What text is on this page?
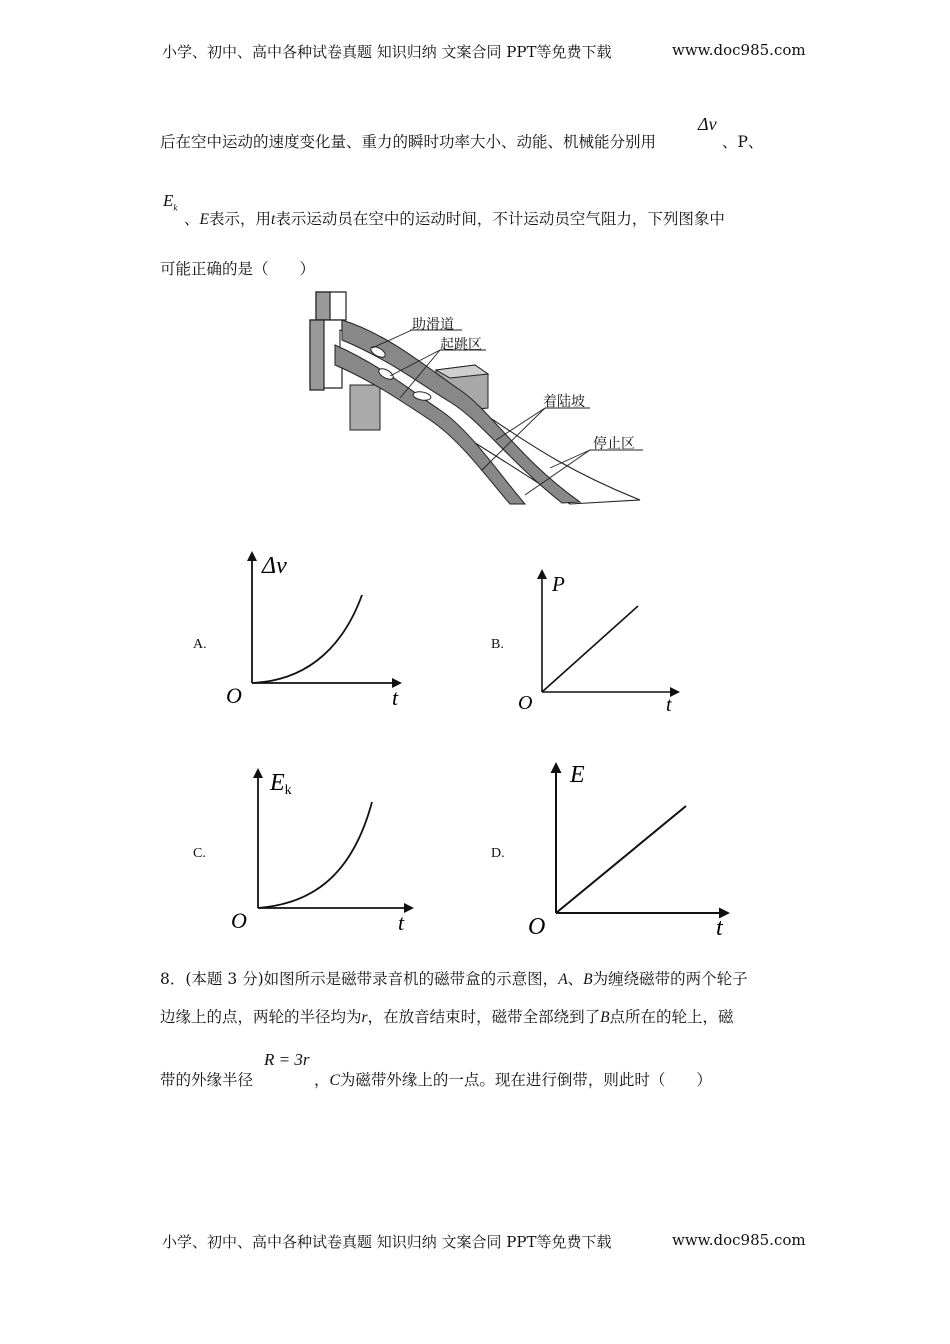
小学、初中、高中各种试卷真题 知识归纳 文案合同 PPT等免费下载	www.doc985.com
后在空中运动的速度变化量、重力的瞬时功率大小、动能、机械能分别用
Δv
、P、
$E_k$
、E表示，用t表示运动员在空中的运动时间，不计运动员空气阻力，下列图象中
可能正确的是（　　）
助滑道
起跳区
着陆坡
停止区
A.
Δv
t
O
B.
P
t
O
C.
Ek
t
O
D.
E
t
O
8．(本题 3 分)如图所示是磁带录音机的磁带盒的示意图，A、B为缠绕磁带的两个轮子
边缘上的点，两轮的半径均为r，在放音结束时，磁带全部绕到了B点所在的轮上，磁
带的外缘半径
R = 3r
，C为磁带外缘上的一点。现在进行倒带，则此时（　　）
小学、初中、高中各种试卷真题 知识归纳 文案合同 PPT等免费下载	www.doc985.com
